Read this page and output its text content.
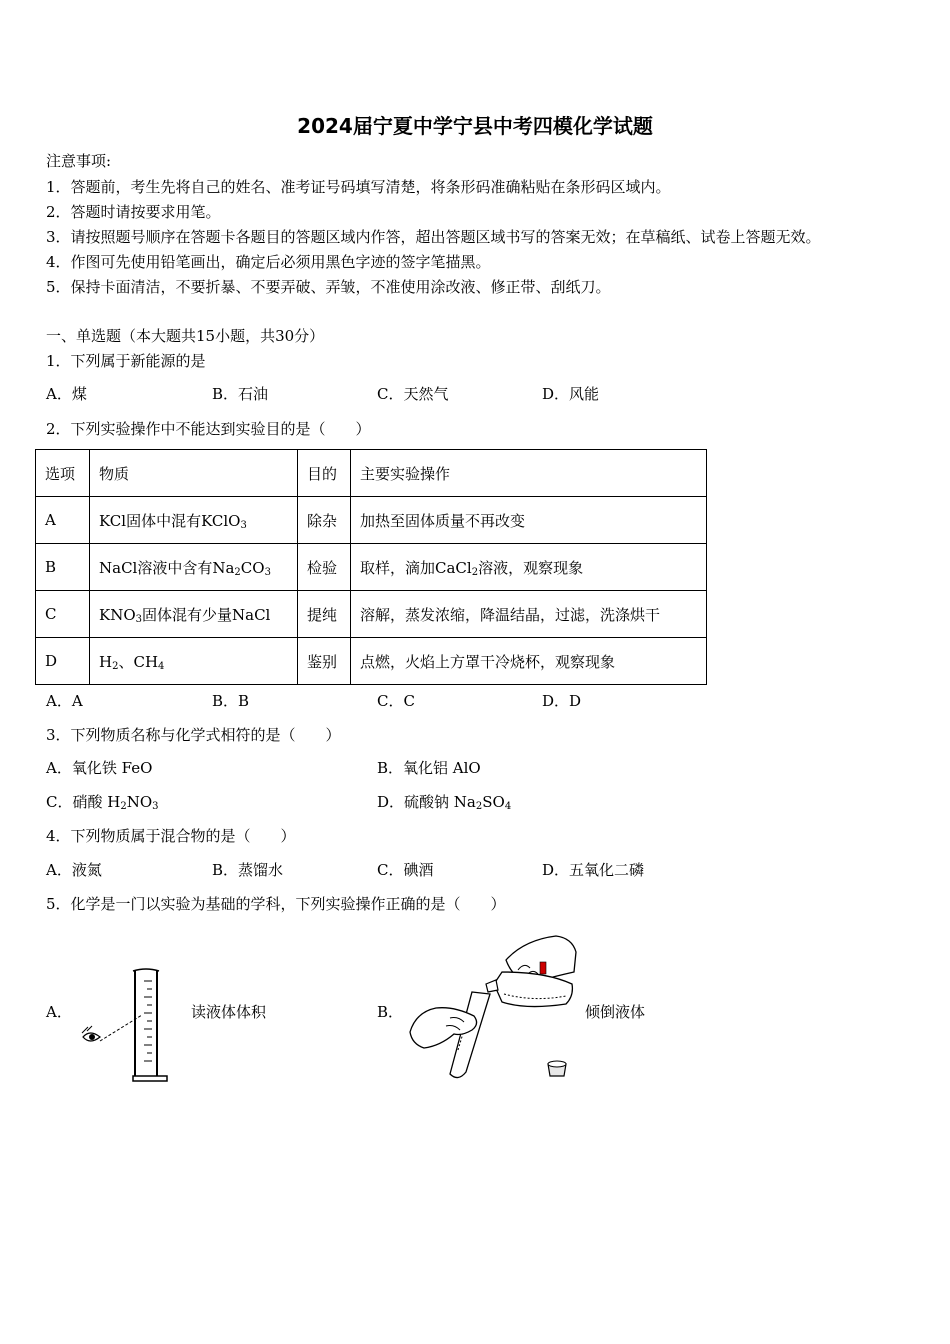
2024届宁夏中学宁县中考四模化学试题
注意事项:
1．答题前，考生先将自己的姓名、准考证号码填写清楚，将条形码准确粘贴在条形码区域内。
2．答题时请按要求用笔。
3．请按照题号顺序在答题卡各题目的答题区域内作答，超出答题区域书写的答案无效；在草稿纸、试卷上答题无效。
4．作图可先使用铅笔画出，确定后必须用黑色字迹的签字笔描黑。
5．保持卡面清洁，不要折暴、不要弄破、弄皱，不准使用涂改液、修正带、刮纸刀。
一、单选题（本大题共15小题，共30分）
1．下列属于新能源的是
A．煤	B．石油	C．天然气	D．风能
2．下列实验操作中不能达到实验目的是（　　）
选项	物质	目的	主要实验操作
A	KCl固体中混有KClO$_3$	除杂	加热至固体质量不再改变
B	NaCl溶液中含有$Na_2CO_3$	检验	取样，滴加CaCl$_2$溶液，观察现象
C	$KNO_3$固体混有少量NaCl	提纯	溶解，蒸发浓缩，降温结晶，过滤，洗涤烘干
D	$H_2$、$CH_4$	鉴别	点燃，火焰上方罩干冷烧杯，观察现象
A．A	B．B	C．C	D．D
3．下列物质名称与化学式相符的是（　　）
A．氧化铁 FeO	B．氧化铝 AlO
C．硝酸 $H_2NO_3$	D．硫酸钠 $Na_2SO_4$
4．下列物质属于混合物的是（　　）
A．液氮	B．蒸馏水	C．碘酒	D．五氧化二磷
5．化学是一门以实验为基础的学科，下列实验操作正确的是（　　）
A．	读液体体积	B．	倾倒液体
